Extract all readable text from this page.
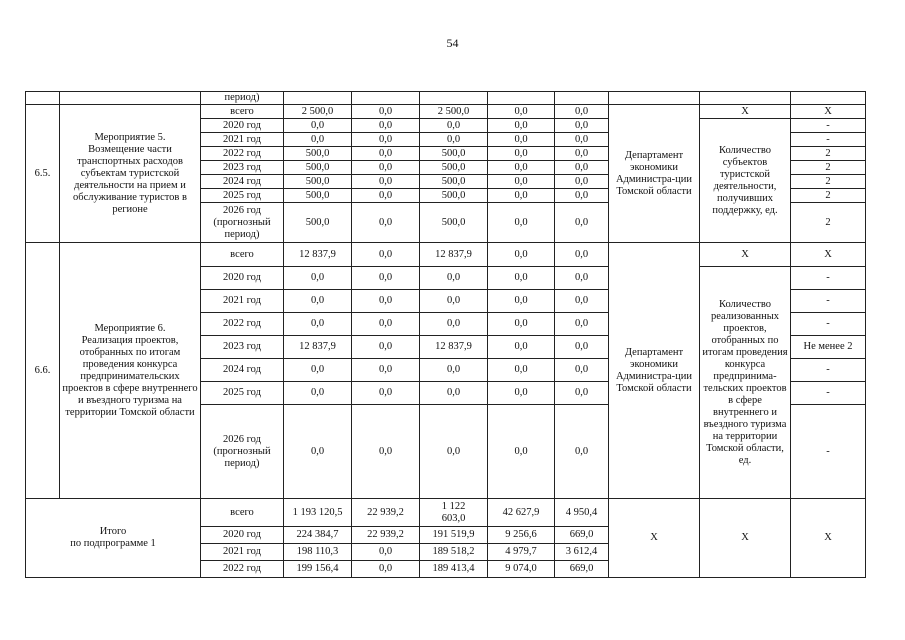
54
		период)								
6.5.	Мероприятие 5.
Возмещение части транспортных расходов субъектам туристской деятельности на прием и обслуживание туристов в регионе	всего	2 500,0	0,0	2 500,0	0,0	0,0	Департамент экономики Администра-ции Томской области	X	X
		2020 год	0,0	0,0	0,0	0,0	0,0		Количество субъектов туристской деятельности, получивших поддержку, ед.	-
		2021 год	0,0	0,0	0,0	0,0	0,0			-
		2022 год	500,0	0,0	500,0	0,0	0,0			2
		2023 год	500,0	0,0	500,0	0,0	0,0			2
		2024 год	500,0	0,0	500,0	0,0	0,0			2
		2025 год	500,0	0,0	500,0	0,0	0,0			2
		2026 год
(прогнозный
период)	500,0	0,0	500,0	0,0	0,0			2
6.6.	Мероприятие 6.
Реализация проектов, отобранных по итогам проведения конкурса предпринимательских проектов в сфере внутреннего
и въездного туризма на территории Томской области	всего	12 837,9	0,0	12 837,9	0,0	0,0	Департамент экономики Администра-ции Томской области	X	X
		2020 год	0,0	0,0	0,0	0,0	0,0		Количество реализованных проектов, отобранных по итогам проведения конкурса предпринима-тельских проектов в сфере внутреннего и въездного туризма на территории Томской области, ед.	-
		2021 год	0,0	0,0	0,0	0,0	0,0			-
		2022 год	0,0	0,0	0,0	0,0	0,0			-
		2023 год	12 837,9	0,0	12 837,9	0,0	0,0			Не менее 2
		2024 год	0,0	0,0	0,0	0,0	0,0			-
		2025 год	0,0	0,0	0,0	0,0	0,0			-
		2026 год
(прогнозный
период)	0,0	0,0	0,0	0,0	0,0			-
Итого
по подпрограмме 1		всего	1 193 120,5	22 939,2	1 122
603,0	42 627,9	4 950,4	X	X	X
		2020 год	224 384,7	22 939,2	191 519,9	9 256,6	669,0			
		2021 год	198 110,3	0,0	189 518,2	4 979,7	3 612,4			
		2022 год	199 156,4	0,0	189 413,4	9 074,0	669,0			
